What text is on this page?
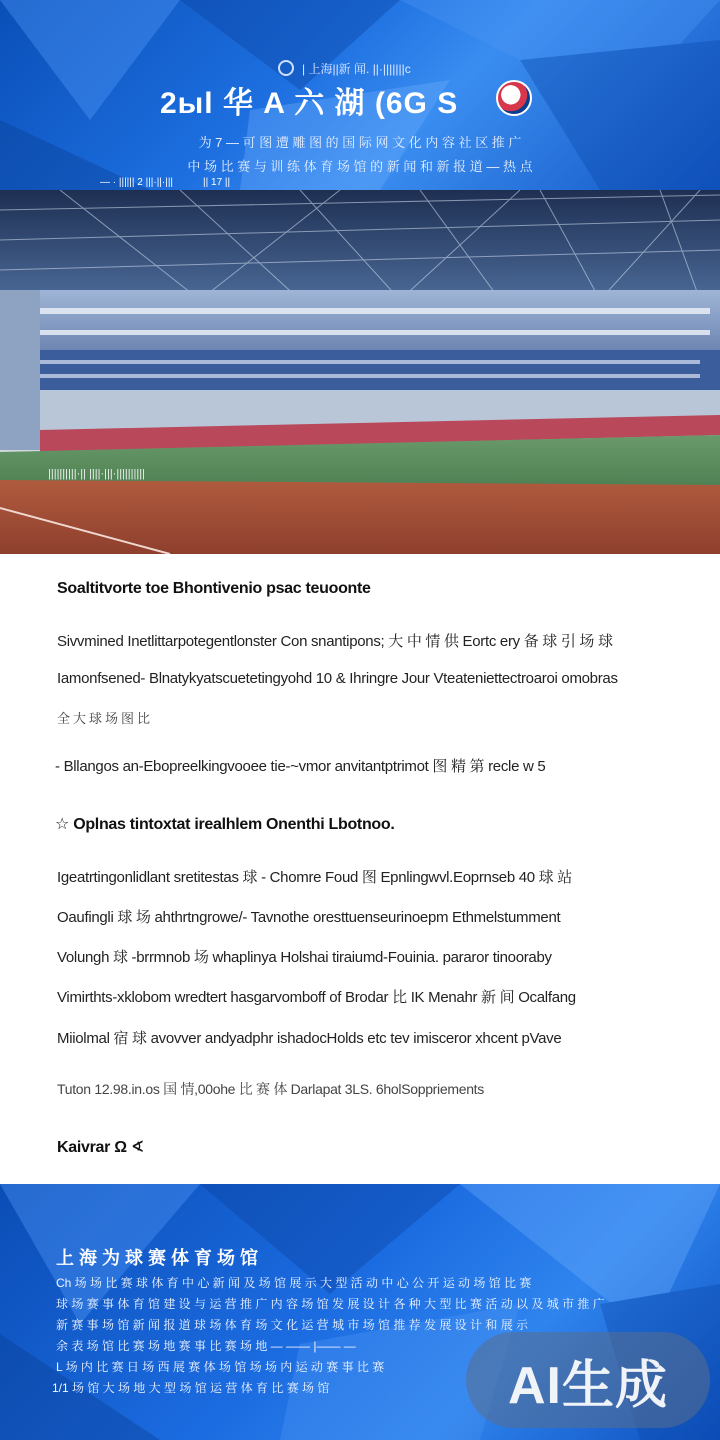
| 上海||新 闻. ||·|||||||c
2ыl 华 A 六 湖 (6G S
为 7 — 可 图 遭 雕 图 的 国 际 网 文 化 内 容 社 区 推 广
中 场 比 赛 与 训 练 体 育 场 馆 的 新 闻 和 新 报 道 — 热 点
— · |||||| 2 |||·||·|||	|| 17 ||
||||||||||·|| ||||·|||·||||||||||
Soaltitvorte toe Bhontivenio psac teuoonte
Sivvmined Inetlittarpotegentlonster Con snantipons; 大 中 情 供 Eortc ery 备 球 引 场 球
Iamonfsened- Blnatykyatscuetetingyohd 10 & Ihringre Jour Vteateniettectroaroi omobras
全 大 球 场 图 比
- Bllangos an-Ebopreelkingvooee tie-~vmor anvitantptrimot 图 精 第 recle w 5
☆ Oplnas tintoxtat irealhlem Onenthi Lbotnoo.
Igeatrtingonlidlant sretitestas 球 - Chomre Foud 图 Epnlingwvl.Eoprnseb 40 球 站
Oaufingli 球 场 ahthrtngrowe/- Tavnothe oresttuenseurinoepm Ethmelstumment
Volungh 球 -brrmnob 场 whaplinya Holshai tiraiumd-Fouinia. pararor tinooraby
Vimirthts-xklobom wredtert hasgarvomboff of Brodar 比 IK Menahr 新 间 Ocalfang
Miiolmal 宿 球 avovver andyadphr ishadocHolds etc tev imisceror xhcent pVave
Tuton 12.98.in.os 国 情,00ohe 比 赛 体 Darlapat 3LS. 6holSoppriements
Kaivrar Ω ∢
上 海 为 球 赛 体 育 场 馆
Ch 场 场 比 赛 球 体 育 中 心 新 闻 及 场 馆 展 示 大 型 活 动 中 心 公 开 运 动 场 馆 比 赛
球 场 赛 事 体 育 馆 建 设 与 运 营 推 广 内 容 场 馆 发 展 设 计 各 种 大 型 比 赛 活 动 以 及 城 市 推 广
新 赛 事 场 馆 新 闻 报 道 球 场 体 育 场 文 化 运 营 城 市 场 馆 推 荐 发 展 设 计 和 展 示
余 表 场 馆 比 赛 场 地 赛 事 比 赛 场 地 — —— |—— —
L 场 内 比 赛 日 场 西 展 赛 体 场 馆 场 场 内 运 动 赛 事 比 赛
1/1 场 馆 大 场 地 大 型 场 馆 运 营 体 育 比 赛 场 馆	AI生成
